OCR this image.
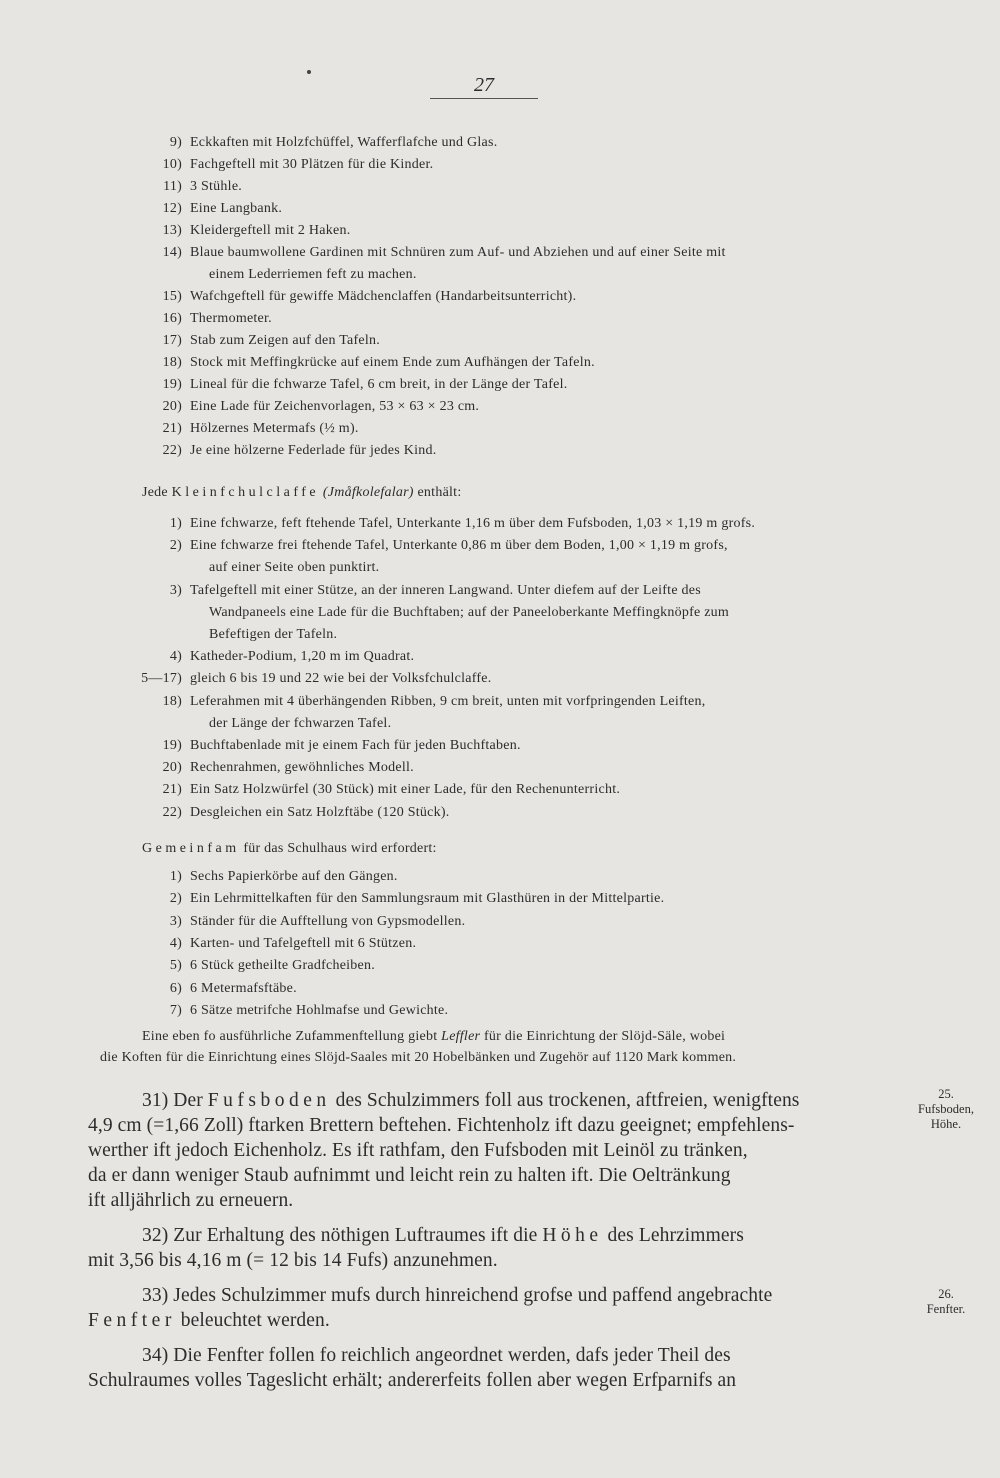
27
9) Eckkaften mit Holzfchüffel, Wafferflafche und Glas.
10) Fachgeftell mit 30 Plätzen für die Kinder.
11) 3 Stühle.
12) Eine Langbank.
13) Kleidergeftell mit 2 Haken.
14) Blaue baumwollene Gardinen mit Schnüren zum Auf- und Abziehen und auf einer Seite mit
einem Lederriemen feft zu machen.
15) Wafchgeftell für gewiffe Mädchenclaffen (Handarbeitsunterricht).
16) Thermometer.
17) Stab zum Zeigen auf den Tafeln.
18) Stock mit Meffingkrücke auf einem Ende zum Aufhängen der Tafeln.
19) Lineal für die fchwarze Tafel, 6 cm breit, in der Länge der Tafel.
20) Eine Lade für Zeichenvorlagen, 53 × 63 × 23 cm.
21) Hölzernes Metermafs (½ m).
22) Je eine hölzerne Federlade für jedes Kind.
Jede Kleinfchulclaffe (Jmåfkolefalar) enthält:
1) Eine fchwarze, feft ftehende Tafel, Unterkante 1,16 m über dem Fufsboden, 1,03 × 1,19 m grofs.
2) Eine fchwarze frei ftehende Tafel, Unterkante 0,86 m über dem Boden, 1,00 × 1,19 m grofs,
auf einer Seite oben punktirt.
3) Tafelgeftell mit einer Stütze, an der inneren Langwand. Unter diefem auf der Leifte des
Wandpaneels eine Lade für die Buchftaben; auf der Paneeloberkante Meffingknöpfe zum
Befeftigen der Tafeln.
4) Katheder-Podium, 1,20 m im Quadrat.
5—17) gleich 6 bis 19 und 22 wie bei der Volksfchulclaffe.
18) Leferahmen mit 4 überhängenden Ribben, 9 cm breit, unten mit vorfpringenden Leiften,
der Länge der fchwarzen Tafel.
19) Buchftabenlade mit je einem Fach für jeden Buchftaben.
20) Rechenrahmen, gewöhnliches Modell.
21) Ein Satz Holzwürfel (30 Stück) mit einer Lade, für den Rechenunterricht.
22) Desgleichen ein Satz Holzftäbe (120 Stück).
Gemeinfam für das Schulhaus wird erfordert:
1) Sechs Papierkörbe auf den Gängen.
2) Ein Lehrmittelkaften für den Sammlungsraum mit Glasthüren in der Mittelpartie.
3) Ständer für die Aufftellung von Gypsmodellen.
4) Karten- und Tafelgeftell mit 6 Stützen.
5) 6 Stück getheilte Gradfcheiben.
6) 6 Metermafsftäbe.
7) 6 Sätze metrifche Hohlmafse und Gewichte.
Eine eben fo ausführliche Zufammenftellung giebt Leffler für die Einrichtung der Slöjd-Säle, wobei
die Koften für die Einrichtung eines Slöjd-Saales mit 20 Hobelbänken und Zugehör auf 1120 Mark kommen.
31) Der Fufsboden des Schulzimmers foll aus trockenen, aftfreien, wenigftens
4,9 cm (=1,66 Zoll) ftarken Brettern beftehen. Fichtenholz ift dazu geeignet; empfehlens-
werther ift jedoch Eichenholz. Es ift rathfam, den Fufsboden mit Leinöl zu tränken,
da er dann weniger Staub aufnimmt und leicht rein zu halten ift. Die Oeltränkung
ift alljährlich zu erneuern.
32) Zur Erhaltung des nöthigen Luftraumes ift die Höhe des Lehrzimmers
mit 3,56 bis 4,16 m (= 12 bis 14 Fufs) anzunehmen.
33) Jedes Schulzimmer mufs durch hinreichend grofse und paffend angebrachte
Fenfter beleuchtet werden.
34) Die Fenfter follen fo reichlich angeordnet werden, dafs jeder Theil des
Schulraumes volles Tageslicht erhält; andererfeits follen aber wegen Erfparnifs an
25.
Fufsboden,
Höhe.
26.
Fenfter.
